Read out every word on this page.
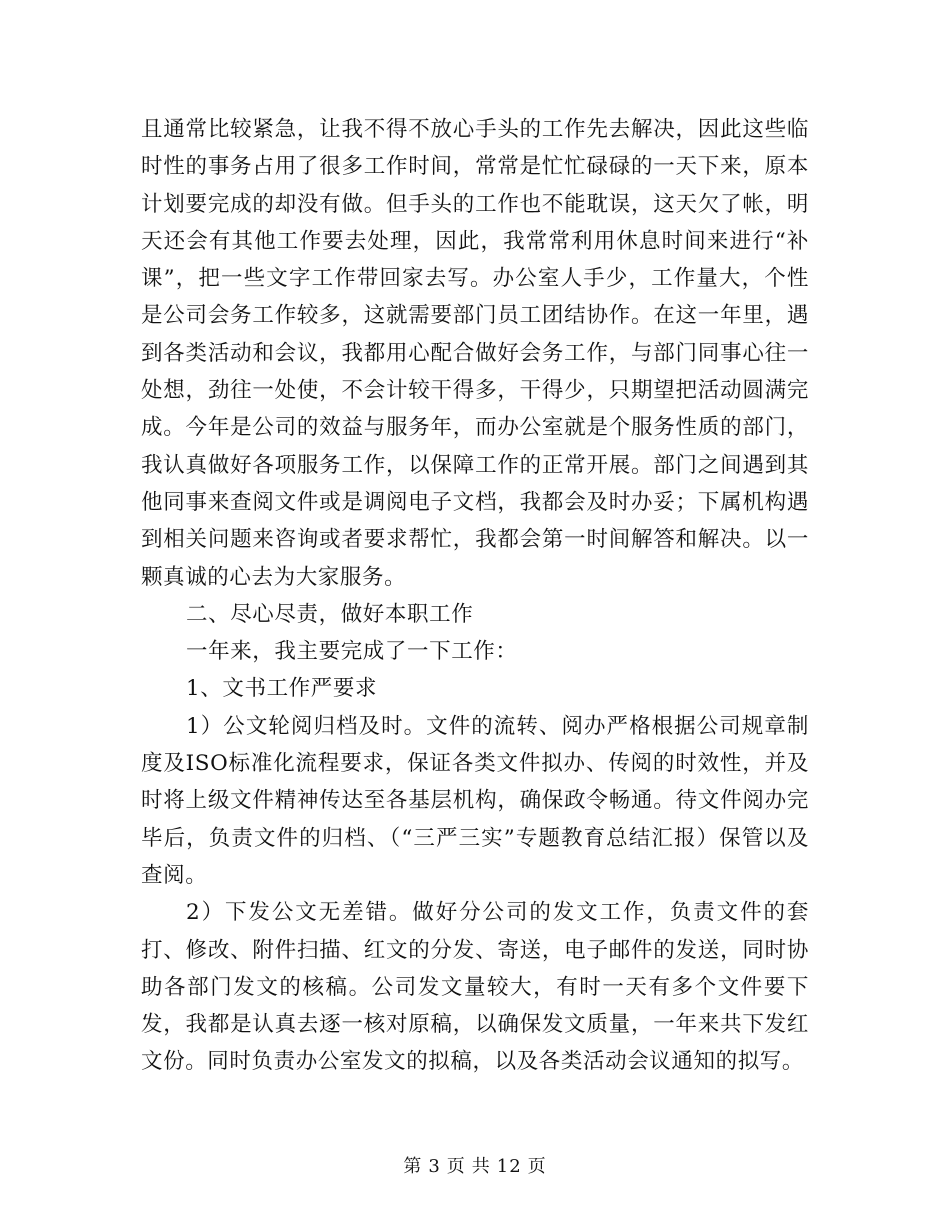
且通常比较紧急，让我不得不放心手头的工作先去解决，因此这些临时性的事务占用了很多工作时间，常常是忙忙碌碌的一天下来，原本计划要完成的却没有做。但手头的工作也不能耽误，这天欠了帐，明天还会有其他工作要去处理，因此，我常常利用休息时间来进行“补课”，把一些文字工作带回家去写。办公室人手少，工作量大，个性是公司会务工作较多，这就需要部门员工团结协作。在这一年里，遇到各类活动和会议，我都用心配合做好会务工作，与部门同事心往一处想，劲往一处使，不会计较干得多，干得少，只期望把活动圆满完成。今年是公司的效益与服务年，而办公室就是个服务性质的部门，我认真做好各项服务工作，以保障工作的正常开展。部门之间遇到其他同事来查阅文件或是调阅电子文档，我都会及时办妥；下属机构遇到相关问题来咨询或者要求帮忙，我都会第一时间解答和解决。以一颗真诚的心去为大家服务。

二、尽心尽责，做好本职工作

一年来，我主要完成了一下工作：

1、文书工作严要求

1）公文轮阅归档及时。文件的流转、阅办严格根据公司规章制度及ISO标准化流程要求，保证各类文件拟办、传阅的时效性，并及时将上级文件精神传达至各基层机构，确保政令畅通。待文件阅办完毕后，负责文件的归档、（“三严三实”专题教育总结汇报）保管以及查阅。

2）下发公文无差错。做好分公司的发文工作，负责文件的套打、修改、附件扫描、红文的分发、寄送，电子邮件的发送，同时协助各部门发文的核稿。公司发文量较大，有时一天有多个文件要下发，我都是认真去逐一核对原稿，以确保发文质量，一年来共下发红文份。同时负责办公室发文的拟稿，以及各类活动会议通知的拟写。

第 3 页 共 12 页
